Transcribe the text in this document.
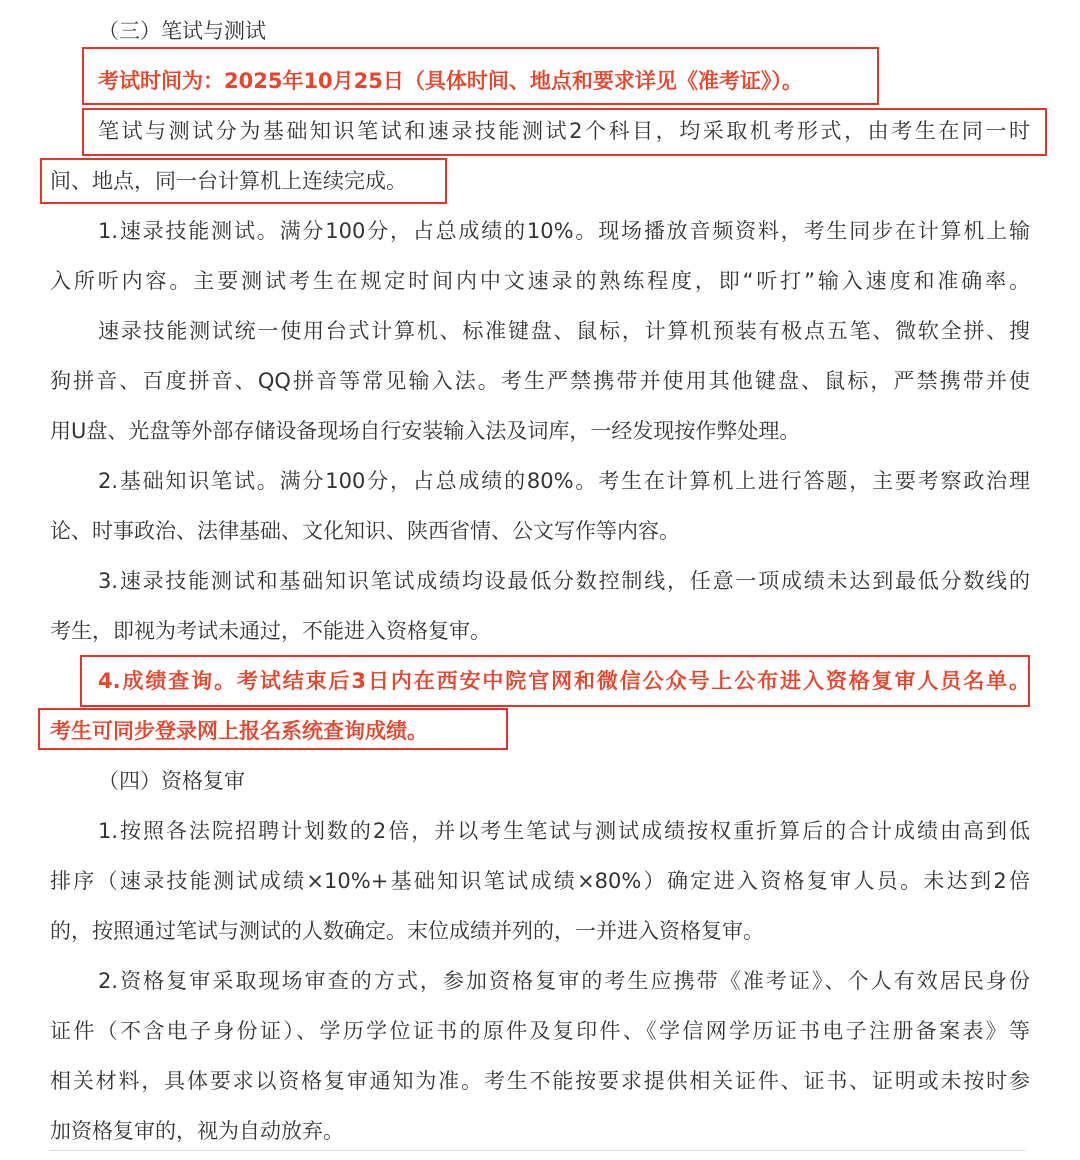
（三）笔试与测试
考试时间为：2025年10月25日（具体时间、地点和要求详见《准考证》）。
笔试与测试分为基础知识笔试和速录技能测试2个科目，均采取机考形式，由考生在同一时
间、地点，同一台计算机上连续完成。
1.速录技能测试。满分100分，占总成绩的10%。现场播放音频资料，考生同步在计算机上输
入所听内容。主要测试考生在规定时间内中文速录的熟练程度，即“听打”输入速度和准确率。
速录技能测试统一使用台式计算机、标准键盘、鼠标，计算机预装有极点五笔、微软全拼、搜
狗拼音、百度拼音、QQ拼音等常见输入法。考生严禁携带并使用其他键盘、鼠标，严禁携带并使
用U盘、光盘等外部存储设备现场自行安装输入法及词库，一经发现按作弊处理。
2.基础知识笔试。满分100分，占总成绩的80%。考生在计算机上进行答题，主要考察政治理
论、时事政治、法律基础、文化知识、陕西省情、公文写作等内容。
3.速录技能测试和基础知识笔试成绩均设最低分数控制线，任意一项成绩未达到最低分数线的
考生，即视为考试未通过，不能进入资格复审。
4.成绩查询。考试结束后3日内在西安中院官网和微信公众号上公布进入资格复审人员名单。
考生可同步登录网上报名系统查询成绩。
（四）资格复审
1.按照各法院招聘计划数的2倍，并以考生笔试与测试成绩按权重折算后的合计成绩由高到低
排序（速录技能测试成绩×10%+基础知识笔试成绩×80%）确定进入资格复审人员。未达到2倍
的，按照通过笔试与测试的人数确定。末位成绩并列的，一并进入资格复审。
2.资格复审采取现场审查的方式，参加资格复审的考生应携带《准考证》、个人有效居民身份
证件（不含电子身份证）、学历学位证书的原件及复印件、《学信网学历证书电子注册备案表》等
相关材料，具体要求以资格复审通知为准。考生不能按要求提供相关证件、证书、证明或未按时参
加资格复审的，视为自动放弃。
